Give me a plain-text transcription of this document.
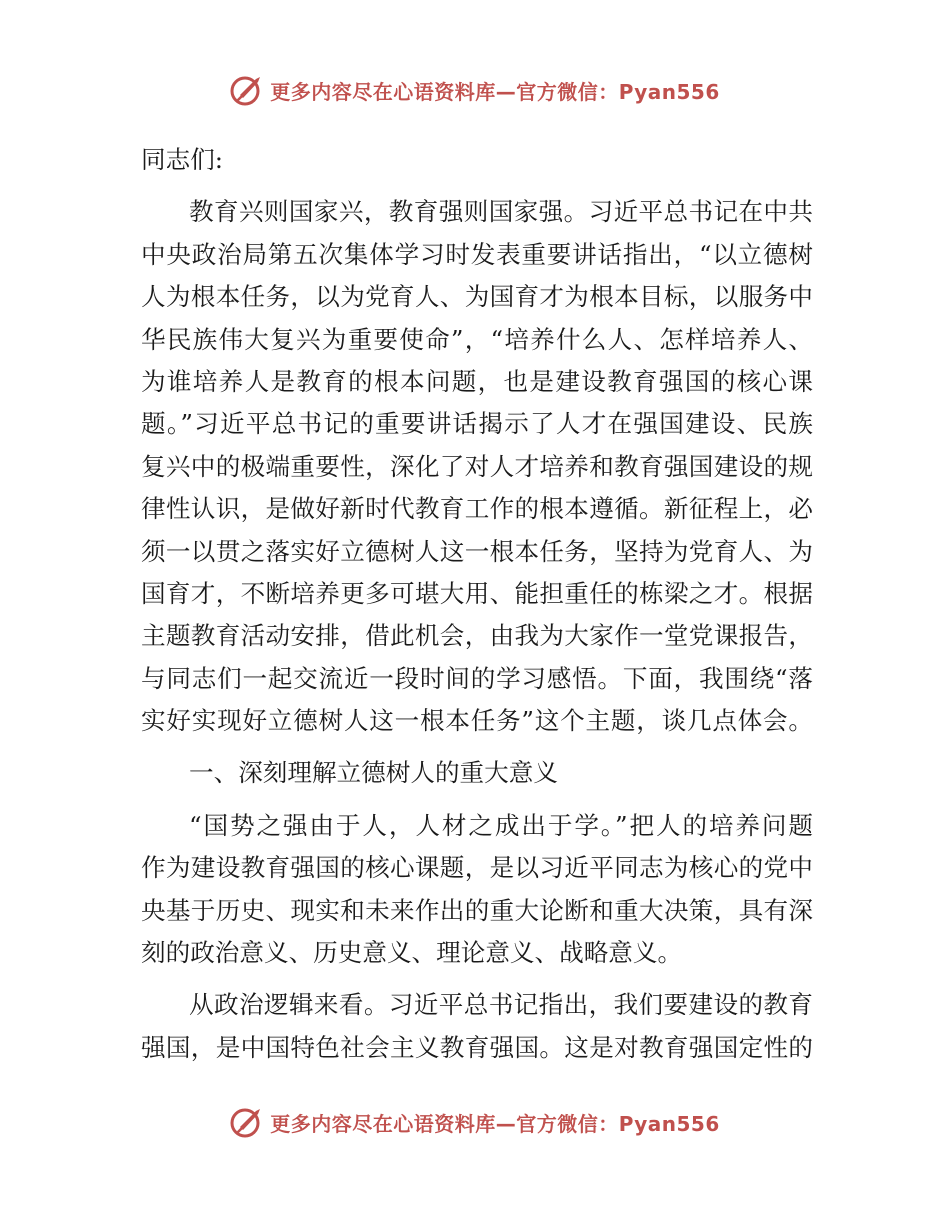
更多内容尽在心语资料库—官方微信：Pyan556
同志们:
教育兴则国家兴，教育强则国家强。习近平总书记在中共
中央政治局第五次集体学习时发表重要讲话指出，“以立德树
人为根本任务，以为党育人、为国育才为根本目标，以服务中
华民族伟大复兴为重要使命”，“培养什么人、怎样培养人、
为谁培养人是教育的根本问题，也是建设教育强国的核心课
题。”习近平总书记的重要讲话揭示了人才在强国建设、民族
复兴中的极端重要性，深化了对人才培养和教育强国建设的规
律性认识，是做好新时代教育工作的根本遵循。新征程上，必
须一以贯之落实好立德树人这一根本任务，坚持为党育人、为
国育才，不断培养更多可堪大用、能担重任的栋梁之才。根据
主题教育活动安排，借此机会，由我为大家作一堂党课报告，
与同志们一起交流近一段时间的学习感悟。下面，我围绕“落
实好实现好立德树人这一根本任务”这个主题，谈几点体会。
一、深刻理解立德树人的重大意义
“国势之强由于人，人材之成出于学。”把人的培养问题
作为建设教育强国的核心课题，是以习近平同志为核心的党中
央基于历史、现实和未来作出的重大论断和重大决策，具有深
刻的政治意义、历史意义、理论意义、战略意义。
从政治逻辑来看。习近平总书记指出，我们要建设的教育
强国，是中国特色社会主义教育强国。这是对教育强国定性的
更多内容尽在心语资料库—官方微信：Pyan556
